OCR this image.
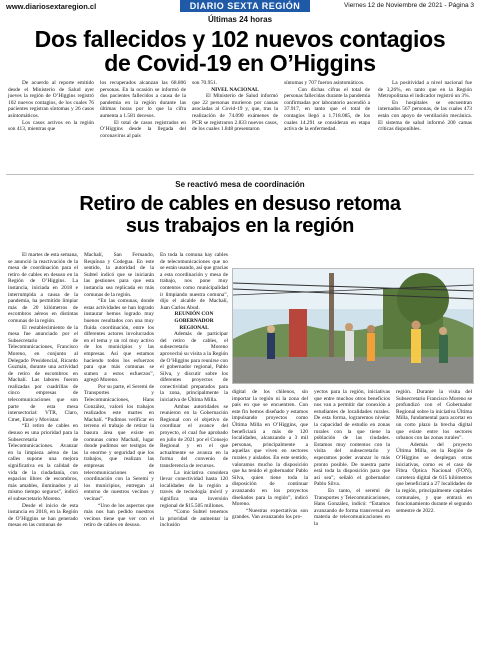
www.diariosextaregion.cl	DIARIO SEXTA REGIÓN	Viernes 12 de Noviembre de 2021 - Página 3
Últimas 24 horas
Dos fallecidos y 102 nuevos contagios
de Covid-19 en O’Higgins

De acuerdo al reporte emitido desde el Ministerio de Salud ayer jueves la región de O’Higgins registró 102 nuevos contagios, de los cuales 76 pacientes registran síntomas y 26 casos asintomáticos.

Los casos activos en la región son 413, mientras que

los recuperados alcanzan las 68.806 personas. En la ocasión se informó de dos pacientes fallecidos a causa de la pandemia en la región durante las últimas horas por lo que la cifra aumenta a 1.581 decesos.

El total de casos registrados en O’Higgins desde la llegada del coronavirus al país

son 70.951.

NIVEL NACIONAL

El Ministerio de Salud informó que 22 personas murieron por causas asociadas al Covid-19 y, que, tras la realización de 74.090 exámenes de PCR se registraron 2.833 nuevos casos, de los cuales 1.848 presentaron

síntomas y 707 fueron asintomáticos.

Con dichas cifras el total de personas fallecidas durante la pandemia confirmadas por laboratorio ascendió a 37.917, en tanto que el total de contagios llegó a 1.718.085, de los cuales 14.291 se consideran en etapa activa de la enfermedad.

La positividad a nivel nacional fue de 3,26%, en tanto que en la Región Metropolitana el indicador registró un 3%.

En hospitales se encuentran internados 567 personas, de las cuales 473 están con apoyo de ventilación mecánica. El sistema de salud informó 200 camas críticas disponibles.

Se reactivó mesa de coordinación
Retiro de cables en desuso retoma
sus trabajos en la región

El martes de esta semana, se anunció la reactivación de la mesa de coordinación para el retiro de cables en desuso en la Región de O’Higgins. La instancia, iniciada en 2018 e interrumpida a causa de la pandemia, ha permitido limpiar más de 20 kilómetros de escombros aéreos en distintas comunas de la región.

El restablecimiento de la mesa fue anunciado por el Subsecretario de Telecomunicaciones, Francisco Moreno, en conjunto al Delegado Presidencial, Ricardo Guzmán, durante una actividad de retiro de escombros en Machalí. Las labores fueron realizadas por cuadrillas de cinco empresas de telecomunicaciones que son parte de esta mesa intersectorial: VTR, Claro, Cmet, Entel y Movistar.

“El retiro de cables en desuso es una prioridad para la Subsecretaría de Telecomunicaciones. Avanzar en la limpieza aérea de las calles supone una mejora significativa en la calidad de vida de la ciudadanía, con espacios libres de escombros, más amables, iluminados y al mismo tiempo seguros”, indicó el subsecretario Moreno.

Desde el inicio de esta instancia en 2018, en la Región de O’Higgins se han generado mesas en las comunas de

Machalí, San Fernando, Requínoa y Codegua. En este sentido, la autoridad de la Subtel indicó que se iniciarán las gestiones para que esta instancia sea replicada en más comunas de la región.

“En las comunas, donde estas actividades se han logrado instaurar hemos logrado muy buenos resultados con una muy fluida coordinación, entre los diferentes actores involucrados en el tema y un rol muy activo de los municipios y las empresas. Así que estamos haciendo todos los esfuerzos para que más comunas se sumen a estos esfuerzos”, agregó Moreno.

Por su parte, el Seremi de Transportes y Telecomunicaciones, Hans González, valoró los trabajos realizados este martes en Machalí. “Pudimos verificar en terreno el trabajo de retirar la basura área que existe en comunas como Machalí, lugar donde pudimos ser testigos de la enorme y seguridad que los trabajos, que realizan las empresas de telecomunicaciones en coordinación con la Seremi y los municipios, entregan al entorno de nuestros vecinos y vecinas”.

“Uno de los aspectos que más nos han pedido nuestros vecinos tiene que ver con el retiro de cables en desuso.

En toda la comuna hay cables de telecomunicaciones que no se están usando, así que gracias a esta coordinación y mesa de trabajo, nos pone muy contentos como municipalidad ir limpiando nuestra comuna”, dijo el alcalde de Machalí, Juan Carlos Abud.

REUNIÓN CON GOBERNADOR REGIONAL

Además de participar del retiro de cables, el subsecretario Moreno aprovechó su visita a la Región de O’Higgins para reunirse con el gobernador regional, Pablo Silva, y discutir sobre los diferentes proyectos de conectividad preparados para la zona, principalmente la iniciativa de Última Milla.

Ambas autoridades se reunieron en la Gobernación Regional con el objetivo de coordinar el avance del proyecto, el cual fue aprobado en julio de 2021 por el Consejo Regional y en el que actualmente se avanza en la forma del convenio de transferencia de recursos.

La iniciativa considera llevar conectividad hasta 120 localidades de la región a través de tecnología móvil y significa una inversión regional de $15.505 millones.

“Como Subtel tenemos la prioridad de aumentar la inclusión

digital de los chilenos, sin importar la región ni la zona del país en que se encuentren. Con este fin hemos diseñado y estamos impulsando proyectos como Última Milla en O’Higgins, que beneficiará a más de 120 localidades, alcanzando a 3 mil personas, principalmente a aquellas que viven en sectores rurales y aislados. En este sentido, valoramos mucho la disposición que ha tenido el gobernador Pablo Silva, quien tiene toda la disposición de continuar avanzando en los proyectos diseñados para la región”, indicó Moreno.

“Nuestras expectativas son grandes. Van avanzando los pro-

yectos para la región, iniciativas que entre muchos otros beneficios nos van a permitir dar conexión a estudiantes de localidades rurales. De esta forma, lograremos nivelar la capacidad de estudio en zonas rurales con la que tiene la población de las ciudades. Estamos muy contentos con la visita del subsecretario y esperamos poder avanzar lo más pronto posible. De nuestra parte está toda la disposición para que así sea”, señaló el gobernador Pablo Silva.

En tanto, el seremi de Transportes y Telecomunicaciones, Hans González, indicó: “Estamos avanzando de forma transversal en materia de telecomunicaciones en la

región. Durante la visita del Subsecretario Francisco Moreno se profundizó con el Gobernador Regional sobre la iniciativa Última Milla, fundamental para acortar en un corto plazo la brecha digital que existe entre los sectores urbanos con las zonas rurales”.

Además del proyecto Última Milla, en la Región de O’Higgins se desplegan otras iniciativas, como es el caso de Fibra Óptica Nacional (FON), carretera digital de 615 kilómetros que beneficiará a 27 localidades de la región, principalmente capitales comunales, y que entrará en funcionamiento durante el segundo semestre de 2022.
